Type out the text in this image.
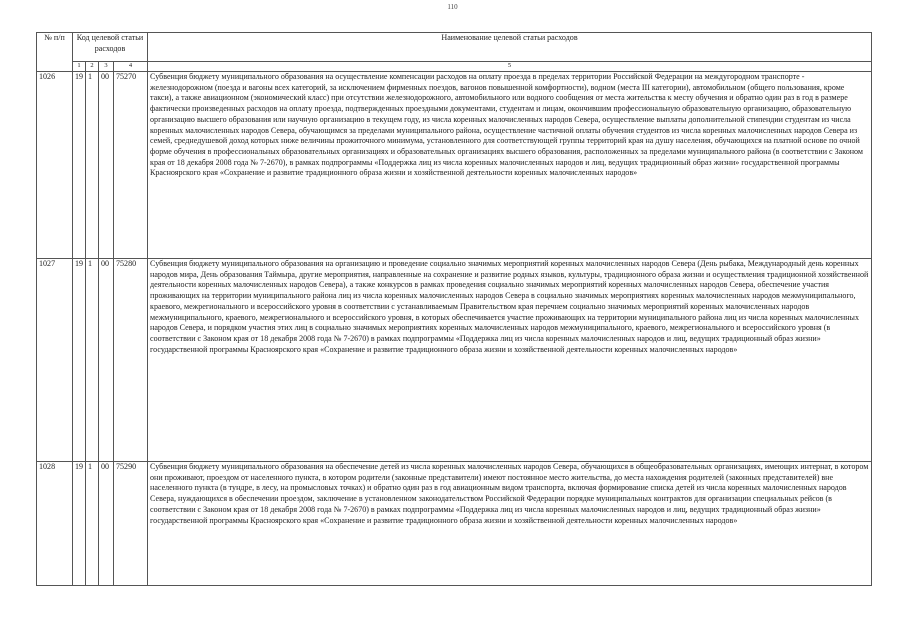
110
№ п/п	Код целевой статьи расходов				Наименование целевой статьи расходов
	1	2	3	4	5
1026	19	1	00	75270	Субвенция бюджету муниципального образования на осуществление компенсации расходов на оплату проезда в пределах территории Российской Федерации на междугородном транспорте - железнодорожном (поезда и вагоны всех категорий, за исключением фирменных поездов, вагонов повышенной комфортности), водном (места III категории), автомобильном (общего пользования, кроме такси), а также авиационном (экономический класс) при отсутствии железнодорожного, автомобильного или водного сообщения от места жительства к месту обучения и обратно один раз в год в размере фактически произведенных расходов на оплату проезда, подтвержденных проездными документами, студентам и лицам, окончившим профессиональную образовательную организацию, образовательную организацию высшего образования или научную организацию в текущем году, из числа коренных малочисленных народов Севера, осуществление выплаты дополнительной стипендии студентам из числа коренных малочисленных народов Севера, обучающимся за пределами муниципального района, осуществление частичной оплаты обучения студентов из числа коренных малочисленных народов Севера из семей, среднедушевой доход которых ниже величины прожиточного минимума, установленного для соответствующей группы территорий края на душу населения, обучающихся на платной основе по очной форме обучения в профессиональных образовательных организациях и образовательных организациях высшего образования, расположенных за пределами муниципального района (в соответствии с Законом края от 18 декабря 2008 года № 7-2670), в рамках подпрограммы «Поддержка лиц из числа коренных малочисленных народов и лиц, ведущих традиционный образ жизни» государственной программы Красноярского края «Сохранение и развитие традиционного образа жизни и хозяйственной деятельности коренных малочисленных народов»
1027	19	1	00	75280	Субвенция бюджету муниципального образования на организацию и проведение социально значимых мероприятий коренных малочисленных народов Севера (День рыбака, Международный день коренных народов мира, День образования Таймыра, другие мероприятия, направленные на сохранение и развитие родных языков, культуры, традиционного образа жизни и осуществления традиционной хозяйственной деятельности коренных малочисленных народов Севера), а также конкурсов в рамках проведения социально значимых мероприятий коренных малочисленных народов Севера, обеспечение участия проживающих на территории муниципального района лиц из числа коренных малочисленных народов Севера в социально значимых мероприятиях коренных малочисленных народов межмуниципального, краевого, межрегионального и всероссийского уровня в соответствии с устанавливаемым Правительством края перечнем социально значимых мероприятий коренных малочисленных народов межмуниципального, краевого, межрегионального и всероссийского уровня, в которых обеспечивается участие проживающих на территории муниципального района лиц из числа коренных малочисленных народов Севера, и порядком участия этих лиц в социально значимых мероприятиях коренных малочисленных народов межмуниципального, краевого, межрегионального и всероссийского уровня (в соответствии с Законом края от 18 декабря 2008 года № 7-2670) в рамках подпрограммы «Поддержка лиц из числа коренных малочисленных народов и лиц, ведущих традиционный образ жизни» государственной программы Красноярского края «Сохранение и развитие традиционного образа жизни и хозяйственной деятельности коренных малочисленных народов»
1028	19	1	00	75290	Субвенция бюджету муниципального образования на обеспечение детей из числа коренных малочисленных народов Севера, обучающихся в общеобразовательных организациях, имеющих интернат, в котором они проживают, проездом от населенного пункта, в котором родители (законные представители) имеют постоянное место жительства, до места нахождения родителей (законных представителей) вне населенного пункта (в тундре, в лесу, на промысловых точках) и обратно один раз в год авиационным видом транспорта, включая формирование списка детей из числа коренных малочисленных народов Севера, нуждающихся в обеспечении проездом, заключение в установленном законодательством Российской Федерации порядке муниципальных контрактов для организации специальных рейсов (в соответствии с Законом края от 18 декабря 2008 года № 7-2670) в рамках подпрограммы «Поддержка лиц из числа коренных малочисленных народов и лиц, ведущих традиционный образ жизни» государственной программы Красноярского края «Сохранение и развитие традиционного образа жизни и хозяйственной деятельности коренных малочисленных народов»
